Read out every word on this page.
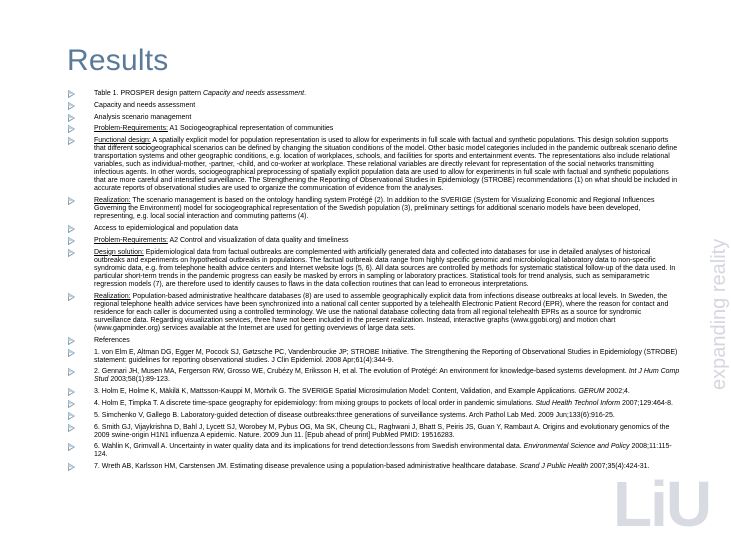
Results
LiU
expanding reality
Table 1. PROSPER design pattern Capacity and needs assessment.
Capacity and needs assessment
Analysis scenario management
Problem-Requirements: A1 Sociogeographical representation of communities
Functional design: A spatially explicit model for population representation is used to allow for experiments in full scale with factual and synthetic populations. This design solution supports that different sociogeographical scenarios can be defined by changing the situation conditions of the model. Other basic model categories included in the pandemic outbreak scenario define transportation systems and other geographic conditions, e.g. location of workplaces, schools, and facilities for sports and entertainment events. The representations also include relational variables, such as individual-mother, -partner, -child, and co-worker at workplace. These relational variables are directly relevant for representation of the social networks transmitting infectious agents. In other words, sociogeographical preprocessing of spatially explicit population data are used to allow for experiments in full scale with factual and synthetic populations that are more careful and intensified surveillance. The Strengthening the Reporting of Observational Studies in Epidemiology (STROBE) recommendations (1) on what should be included in accurate reports of observational studies are used to organize the communication of evidence from the analyses.
Realization: The scenario management is based on the ontology handling system Protégé (2). In addition to the SVERIGE (System for Visualizing Economic and Regional Influences Governing the Environment) model for sociogeographical representation of the Swedish population (3), preliminary settings for additional scenario models have been developed, representing, e.g. local social interaction and commuting patterns (4).
Access to epidemiological and population data
Problem-Requirements: A2 Control and visualization of data quality and timeliness
Design solution: Epidemiological data from factual outbreaks are complemented with artificially generated data and collected into databases for use in detailed analyses of historical outbreaks and experiments on hypothetical outbreaks in populations. The factual outbreak data range from highly specific genomic and microbiological laboratory data to non-specific syndromic data, e.g. from telephone health advice centers and Internet website logs (5, 6). All data sources are controlled by methods for systematic statistical follow-up of the data used. In particular short-term trends in the pandemic progress can easily be masked by errors in sampling or laboratory practices. Statistical tools for trend analysis, such as semiparametric regression models (7), are therefore used to identify causes to flaws in the data collection routines that can lead to erroneous interpretations.
Realization: Population-based administrative healthcare databases (8) are used to assemble geographically explicit data from infections disease outbreaks at local levels. In Sweden, the regional telephone health advice services have been synchronized into a national call center supported by a telehealth Electronic Patient Record (EPR), where the reason for contact and residence for each caller is documented using a controlled terminology. We use the national database collecting data from all regional telehealth EPRs as a source for syndromic surveillance data. Regarding visualization services, three have not been included in the present realization. Instead, interactive graphs (www.ggobi.org) and motion chart (www.gapminder.org) services available at the Internet are used for getting overviews of large data sets.
References
1. von Elm E, Altman DG, Egger M, Pocock SJ, Gøtzsche PC, Vandenbroucke JP; STROBE Initiative. The Strengthening the Reporting of Observational Studies in Epidemiology (STROBE) statement: guidelines for reporting observational studies. J Clin Epidemiol. 2008 Apr;61(4):344-9.
2. Gennari JH, Musen MA, Fergerson RW, Grosso WE, Crubézy M, Eriksson H, et al. The evolution of Protégé: An environment for knowledge-based systems development. Int J Hum Comp Stud 2003;58(1):89-123.
3. Holm E, Holme K, Mäkilä K, Mattsson-Kauppi M, Mörtvik G. The SVERIGE Spatial Microsimulation Model: Content, Validation, and Example Applications. GERUM 2002;4.
4. Holm E, Timpka T. A discrete time-space geography for epidemiology: from mixing groups to pockets of local order in pandemic simulations. Stud Health Technol Inform 2007;129:464-8.
5. Simchenko V, Gallego B. Laboratory-guided detection of disease outbreaks:three generations of surveillance systems. Arch Pathol Lab Med. 2009 Jun;133(6):916-25.
6. Smith GJ, Vijaykrishna D, Bahl J, Lycett SJ, Worobey M, Pybus OG, Ma SK, Cheung CL, Raghwani J, Bhatt S, Peiris JS, Guan Y, Rambaut A. Origins and evolutionary genomics of the 2009 swine-origin H1N1 influenza A epidemic. Nature. 2009 Jun 11. [Epub ahead of print] PubMed PMID: 19516283.
6. Wahlin K, Grimvall A. Uncertainty in water quality data and its implications for trend detection:lessons from Swedish environmental data. Environmental Science and Policy 2008;11:115-124.
7. Wreth AB, Karlsson HM, Carstensen JM. Estimating disease prevalence using a population-based administrative healthcare database. Scand J Public Health 2007;35(4):424-31.
